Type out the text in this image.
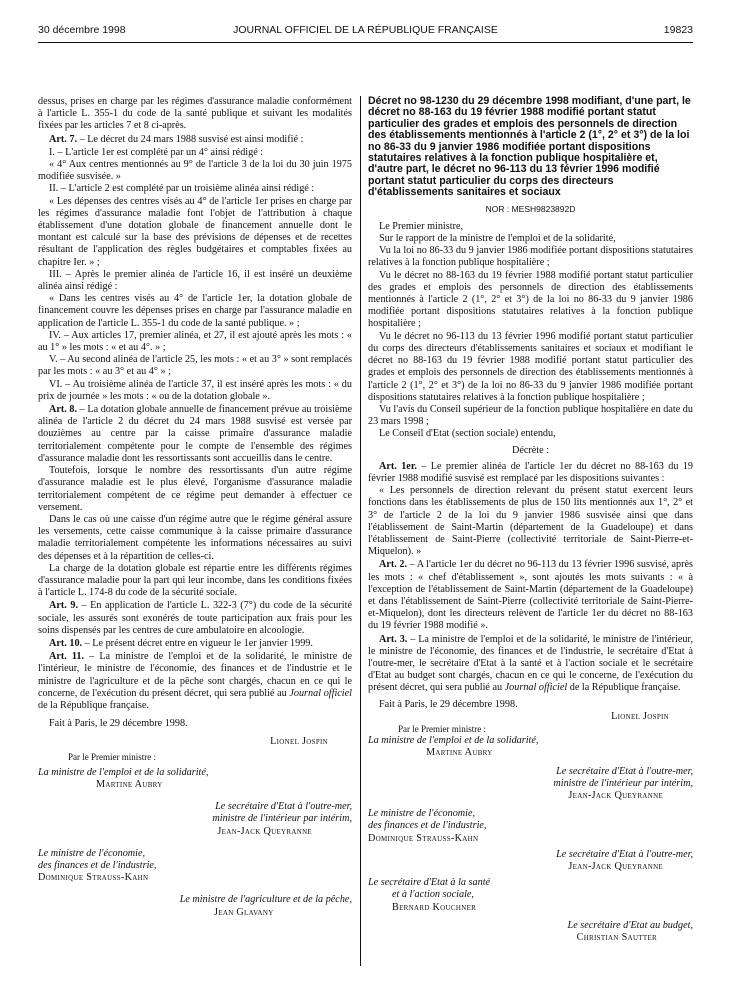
30 décembre 1998	JOURNAL OFFICIEL DE LA RÉPUBLIQUE FRANÇAISE	19823

dessus, prises en charge par les régimes d'assurance maladie conformément à l'article L. 355-1 du code de la santé publique et suivant les modalités fixées par les articles 7 et 8 ci-après.

Art. 7. – Le décret du 24 mars 1988 susvisé est ainsi modifié :

I. – L'article 1er est complété par un 4° ainsi rédigé :

« 4° Aux centres mentionnés au 9° de l'article 3 de la loi du 30 juin 1975 modifiée susvisée. »

II. – L'article 2 est complété par un troisième alinéa ainsi rédigé :

« Les dépenses des centres visés au 4° de l'article 1er prises en charge par les régimes d'assurance maladie font l'objet de l'attribution à chaque établissement d'une dotation globale de financement annuelle dont le montant est calculé sur la base des prévisions de dépenses et de recettes résultant de l'application des règles budgétaires et comptables fixées au chapitre Ier. » ;

III. – Après le premier alinéa de l'article 16, il est inséré un deuxième alinéa ainsi rédigé :

« Dans les centres visés au 4° de l'article 1er, la dotation globale de financement couvre les dépenses prises en charge par l'assurance maladie en application de l'article L. 355-1 du code de la santé publique. » ;

IV. – Aux articles 17, premier alinéa, et 27, il est ajouté après les mots : « au 1° » les mots : « et au 4°. » ;

V. – Au second alinéa de l'article 25, les mots : « et au 3° » sont remplacés par les mots : « au 3° et au 4° » ;

VI. – Au troisième alinéa de l'article 37, il est inséré après les mots : « du prix de journée » les mots : « ou de la dotation globale ».

Art. 8. – La dotation globale annuelle de financement prévue au troisième alinéa de l'article 2 du décret du 24 mars 1988 susvisé est versée par douzièmes au centre par la caisse primaire d'assurance maladie territorialement compétente pour le compte de l'ensemble des régimes d'assurance maladie dont les ressortissants sont accueillis dans le centre.

Toutefois, lorsque le nombre des ressortissants d'un autre régime d'assurance maladie est le plus élevé, l'organisme d'assurance maladie territorialement compétent de ce régime peut demander à effectuer ce versement.

Dans le cas où une caisse d'un régime autre que le régime général assure les versements, cette caisse communique à la caisse primaire d'assurance maladie territorialement compétente les informations nécessaires au suivi des dépenses et à la répartition de celles-ci.

La charge de la dotation globale est répartie entre les différents régimes d'assurance maladie pour la part qui leur incombe, dans les conditions fixées à l'article L. 174-8 du code de la sécurité sociale.

Art. 9. – En application de l'article L. 322-3 (7°) du code de la sécurité sociale, les assurés sont exonérés de toute participation aux frais pour les soins dispensés par les centres de cure ambulatoire en alcoologie.

Art. 10. – Le présent décret entre en vigueur le 1er janvier 1999.

Art. 11. – La ministre de l'emploi et de la solidarité, le ministre de l'intérieur, le ministre de l'économie, des finances et de l'industrie et le ministre de l'agriculture et de la pêche sont chargés, chacun en ce qui le concerne, de l'exécution du présent décret, qui sera publié au Journal officiel de la République française.

Fait à Paris, le 29 décembre 1998.

Lionel Jospin

Par le Premier ministre :

La ministre de l'emploi et de la solidarité,

Martine Aubry

Le secrétaire d'Etat à l'outre-mer,

ministre de l'intérieur par intérim,

Jean-Jack Queyranne

Le ministre de l'économie,

des finances et de l'industrie,

Dominique Strauss-Kahn

Le ministre de l'agriculture et de la pêche,

Jean Glavany

Décret no 98-1230 du 29 décembre 1998 modifiant, d'une part, le décret no 88-163 du 19 février 1988 modifié portant statut particulier des grades et emplois des personnels de direction des établissements mentionnés à l'article 2 (1°, 2° et 3°) de la loi no 86-33 du 9 janvier 1986 modifiée portant dispositions statutaires relatives à la fonction publique hospitalière et, d'autre part, le décret no 96-113 du 13 février 1996 modifié portant statut particulier du corps des directeurs d'établissements sanitaires et sociaux

NOR : MESH9823892D

Le Premier ministre,

Sur le rapport de la ministre de l'emploi et de la solidarité,

Vu la loi no 86-33 du 9 janvier 1986 modifiée portant dispositions statutaires relatives à la fonction publique hospitalière ;

Vu le décret no 88-163 du 19 février 1988 modifié portant statut particulier des grades et emplois des personnels de direction des établissements mentionnés à l'article 2 (1°, 2° et 3°) de la loi no 86-33 du 9 janvier 1986 modifiée portant dispositions statutaires relatives à la fonction publique hospitalière ;

Vu le décret no 96-113 du 13 février 1996 modifié portant statut particulier du corps des directeurs d'établissements sanitaires et sociaux et modifiant le décret no 88-163 du 19 février 1988 modifié portant statut particulier des grades et emplois des personnels de direction des établissements mentionnés à l'article 2 (1°, 2° et 3°) de la loi no 86-33 du 9 janvier 1986 modifiée portant dispositions statutaires relatives à la fonction publique hospitalière ;

Vu l'avis du Conseil supérieur de la fonction publique hospitalière en date du 23 mars 1998 ;

Le Conseil d'Etat (section sociale) entendu,

Décrète :

Art. 1er. – Le premier alinéa de l'article 1er du décret no 88-163 du 19 février 1988 modifié susvisé est remplacé par les dispositions suivantes :

« Les personnels de direction relevant du présent statut exercent leurs fonctions dans les établissements de plus de 150 lits mentionnés aux 1°, 2° et 3° de l'article 2 de la loi du 9 janvier 1986 susvisée ainsi que dans l'établissement de Saint-Martin (département de la Guadeloupe) et dans l'établissement de Saint-Pierre (collectivité territoriale de Saint-Pierre-et-Miquelon). »

Art. 2. – A l'article 1er du décret no 96-113 du 13 février 1996 susvisé, après les mots : « chef d'établissement », sont ajoutés les mots suivants : « à l'exception de l'établissement de Saint-Martin (département de la Guadeloupe) et dans l'établissement de Saint-Pierre (collectivité territoriale de Saint-Pierre-et-Miquelon), dont les directeurs relèvent de l'article 1er du décret no 88-163 du 19 février 1988 modifié ».

Art. 3. – La ministre de l'emploi et de la solidarité, le ministre de l'intérieur, le ministre de l'économie, des finances et de l'industrie, le secrétaire d'Etat à l'outre-mer, le secrétaire d'Etat à la santé et à l'action sociale et le secrétaire d'Etat au budget sont chargés, chacun en ce qui le concerne, de l'exécution du présent décret, qui sera publié au Journal officiel de la République française.

Fait à Paris, le 29 décembre 1998.

Lionel Jospin

Par le Premier ministre :

La ministre de l'emploi et de la solidarité,

Martine Aubry

Le secrétaire d'Etat à l'outre-mer,

ministre de l'intérieur par intérim,

Jean-Jack Queyranne

Le ministre de l'économie,

des finances et de l'industrie,

Dominique Strauss-Kahn

Le secrétaire d'Etat à l'outre-mer,

Jean-Jack Queyranne

Le secrétaire d'Etat à la santé

et à l'action sociale,

Bernard Kouchner

Le secrétaire d'Etat au budget,

Christian Sautter
